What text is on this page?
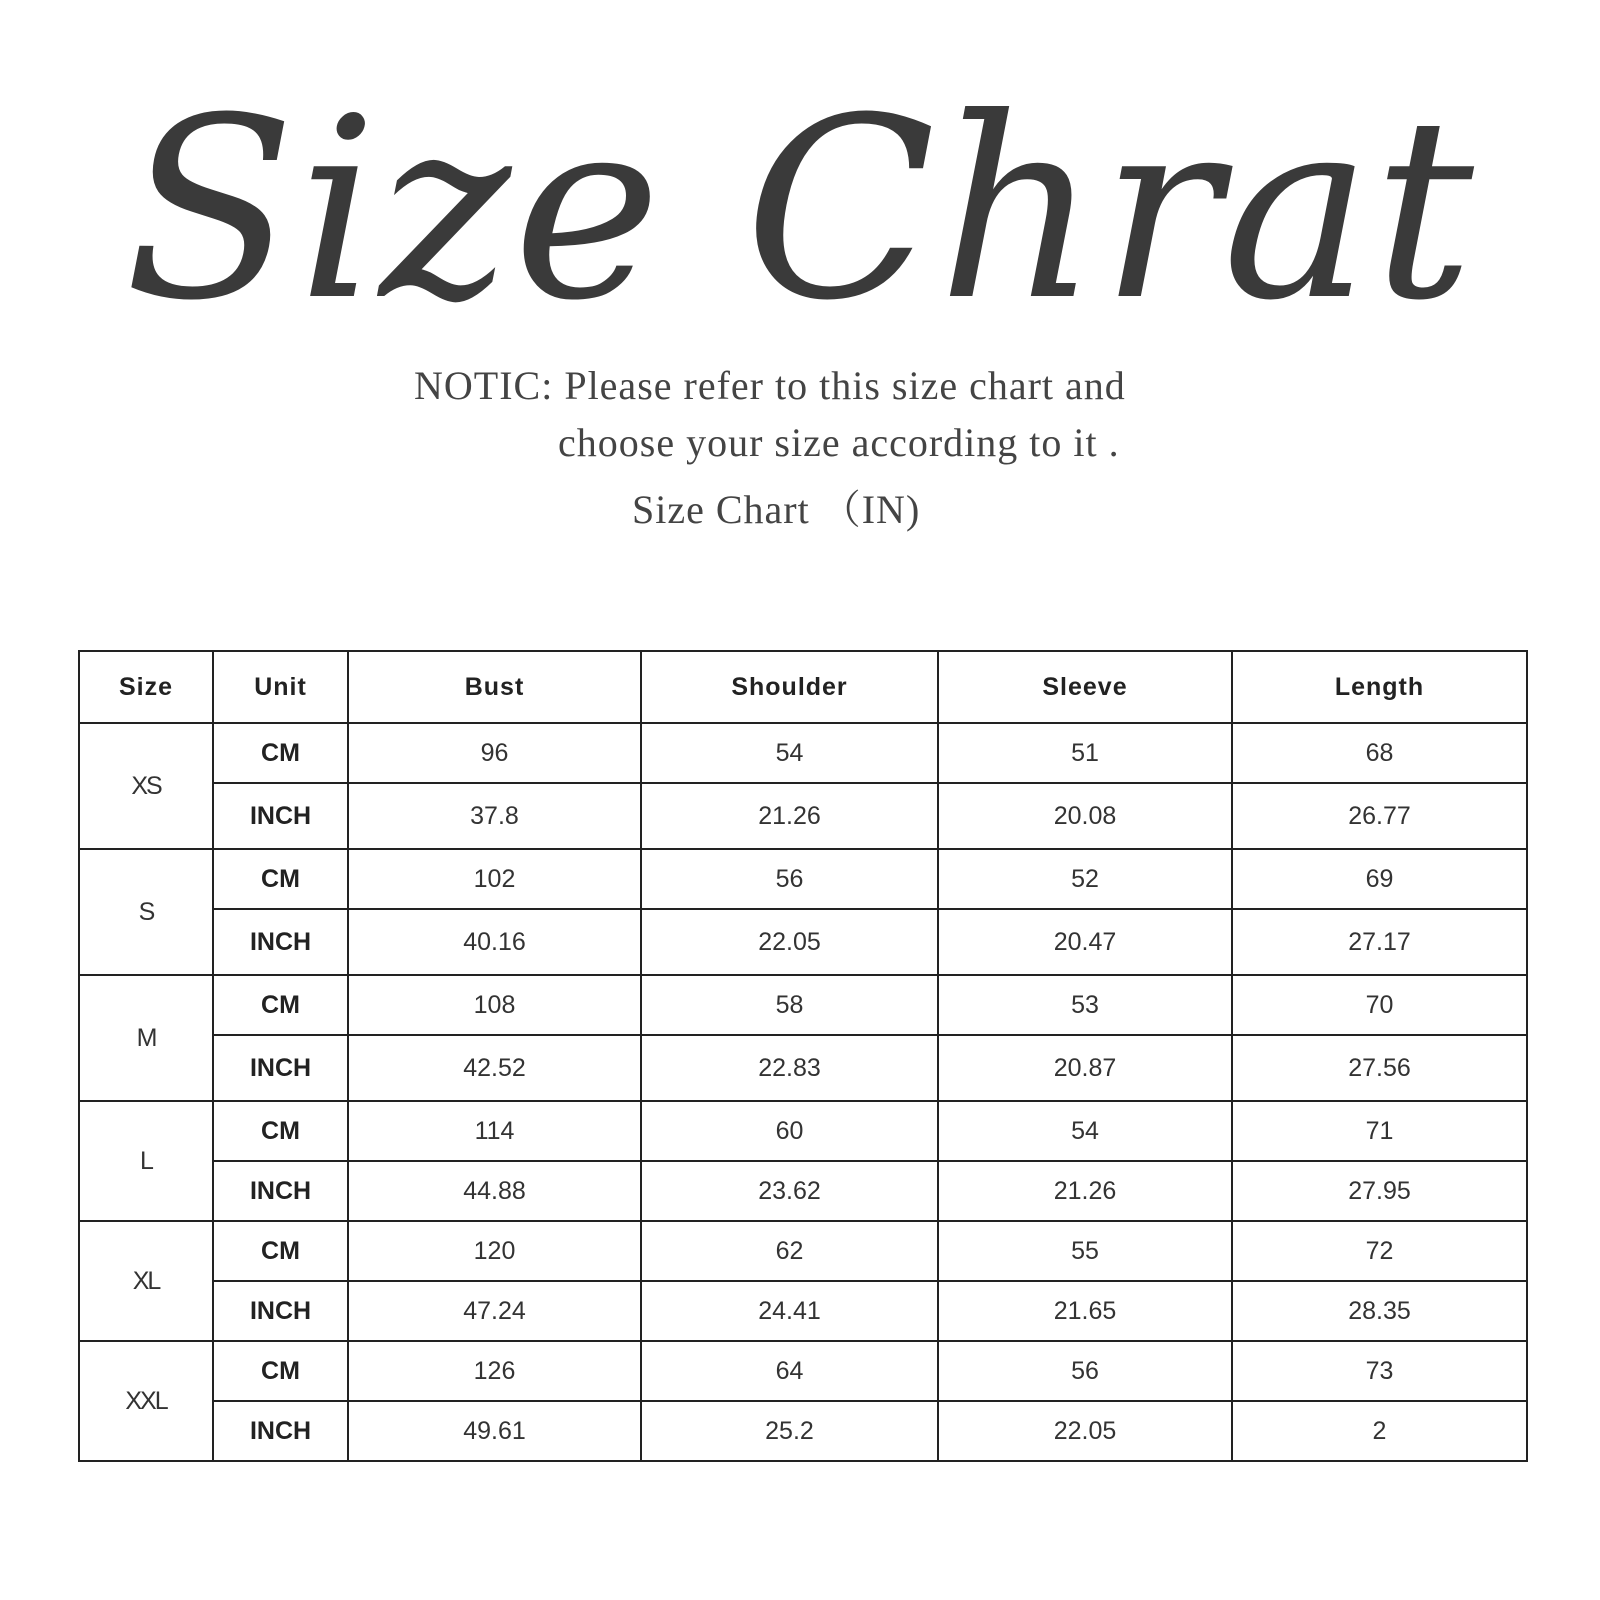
Size Chrat
NOTIC: Please refer to this size chart and
choose your size according to it .
Size Chart （IN)
Size	Unit	Bust	Shoulder	Sleeve	Length
XS	CM	96	54	51	68
	INCH	37.8	21.26	20.08	26.77
S	CM	102	56	52	69
	INCH	40.16	22.05	20.47	27.17
M	CM	108	58	53	70
	INCH	42.52	22.83	20.87	27.56
L	CM	114	60	54	71
	INCH	44.88	23.62	21.26	27.95
XL	CM	120	62	55	72
	INCH	47.24	24.41	21.65	28.35
XXL	CM	126	64	56	73
	INCH	49.61	25.2	22.05	2
